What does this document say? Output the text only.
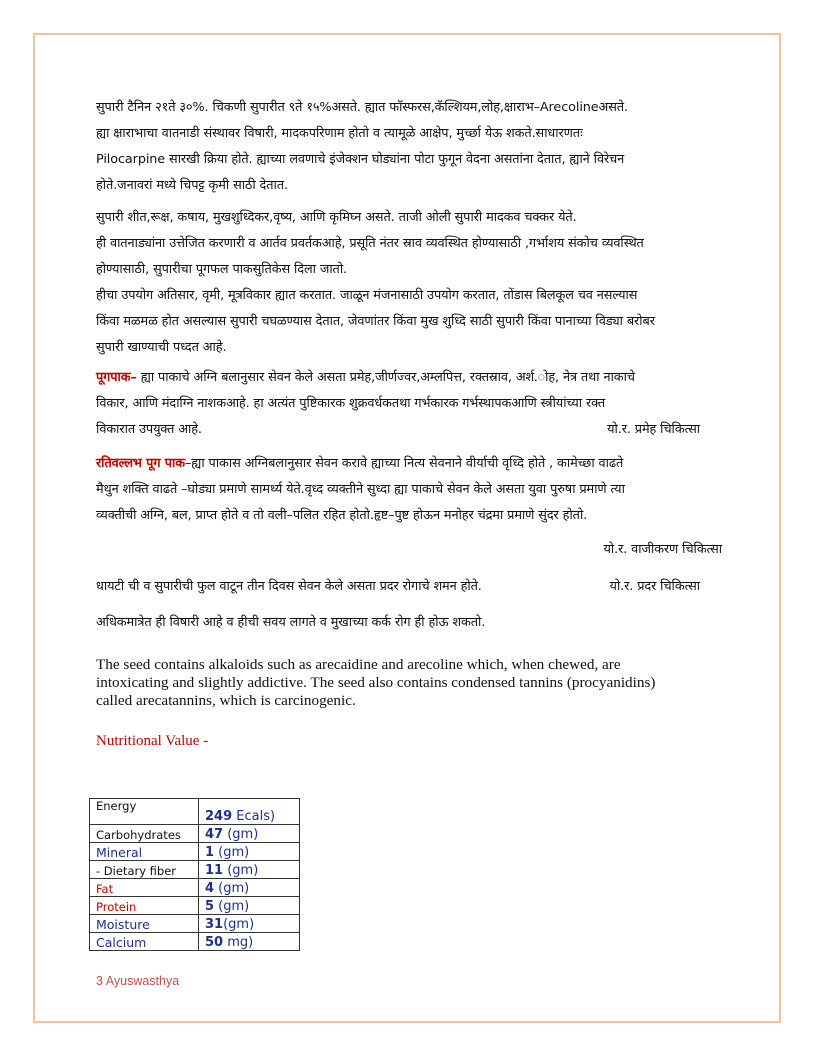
सुपारी टैनिन २१ते ३०%. चिकणी सुपारीत ९ते १५%असते. ह्यात फॉस्फरस,कॅल्शियम,लोह,क्षाराभ–Arecolineअसते.

ह्या क्षाराभाचा वातनाडी संस्थावर विषारी, मादकपरिणाम होतो व त्यामूळे आक्षेप, मुर्च्छा येऊ शकते.साधारणतः

Pilocarpine सारखी क्रिया होते. ह्याच्या लवणाचे इंजेक्शन घोड्यांना पोटा फुगून वेदना असतांना देतात, ह्याने विरेचन

होते.जनावरां मध्ये चिपट्ट कृमी साठी देतात.

सुपारी शीत,रूक्ष, कषाय, मुखशुध्दिकर,वृष्य, आणि कृमिघ्न असते. ताजी ओली सुपारी मादकव चक्कर येते.

ही वातनाड्यांना उत्तेजित करणारी व आर्तव प्रवर्तकआहे, प्रसूति नंतर स्राव व्यवस्थित होण्यासाठी ,गर्भाशय संकोच व्यवस्थित

होण्यासाठी, सुपारीचा पूगफल पाकसुतिकेस दिला जातो.

हीचा उपयोग अतिसार, वृमी, मूत्रविकार ह्यात करतात. जाळून मंजनासाठी उपयोग करतात, तोंडास बिलकूल चव नसल्यास

किंवा मळमळ होत असल्यास सुपारी चघळण्यास देतात, जेवणांतर किंवा मुख शुध्दि साठी सुपारी किंवा पानाच्या विड्या बरोबर

सुपारी खाण्याची पध्दत आहे.

पूगपाक– ह्या पाकाचे अग्नि बलानुसार सेवन केले असता प्रमेह,जीर्णज्वर,अम्लपित्त, रक्तस्राव, अर्श.ोह, नेत्र तथा नाकाचे

विकार, आणि मंदाग्नि नाशकआहे. हा अत्यंत पुष्टिकारक शुक्रवर्धकतथा गर्भकारक गर्भस्थापकआणि स्त्रीयांच्या रक्त

विकारात उपयुक्त आहे.	यो.र. प्रमेह चिकित्सा

रतिवल्लभ पूग पाक–ह्या पाकास अग्निबलानुसार सेवन करावे ह्याच्या नित्य सेवनाने वीर्याची वृध्दि होते , कामेच्छा वाढते

मैथुन शक्ति वाढते –घोड्या प्रमाणे सामर्थ्य येते.वृध्द व्यक्तीने सुध्दा ह्या पाकाचे सेवन केले असता युवा पुरुषा प्रमाणे त्या

व्यक्तीची अग्नि, बल, प्राप्त होते व तो वली–पलित रहित होतो.हृष्ट–पुष्ट होऊन मनोहर चंद्रमा प्रमाणे सुंदर होतो.

यो.र. वाजीकरण चिकित्सा

धायटी ची व सुपारीची फुल वाटून तीन दिवस सेवन केले असता प्रदर रोगाचे शमन होते.	यो.र. प्रदर चिकित्सा

अधिकमात्रेत ही विषारी आहे व हीची सवय लागते व मुखाच्या कर्क रोग ही होऊ शकतो.

The seed contains alkaloids such as arecaidine and arecoline which, when chewed, are
intoxicating and slightly addictive. The seed also contains condensed tannins (procyanidins)
called arecatannins, which is carcinogenic.
Nutritional Value -
Energy	249 Ecals)
Carbohydrates	47 (gm)
Mineral	1 (gm)
- Dietary fiber	11 (gm)
Fat	4 (gm)
Protein	5 (gm)
Moisture	31(gm)
Calcium	50 mg)
3 Ayuswasthya
